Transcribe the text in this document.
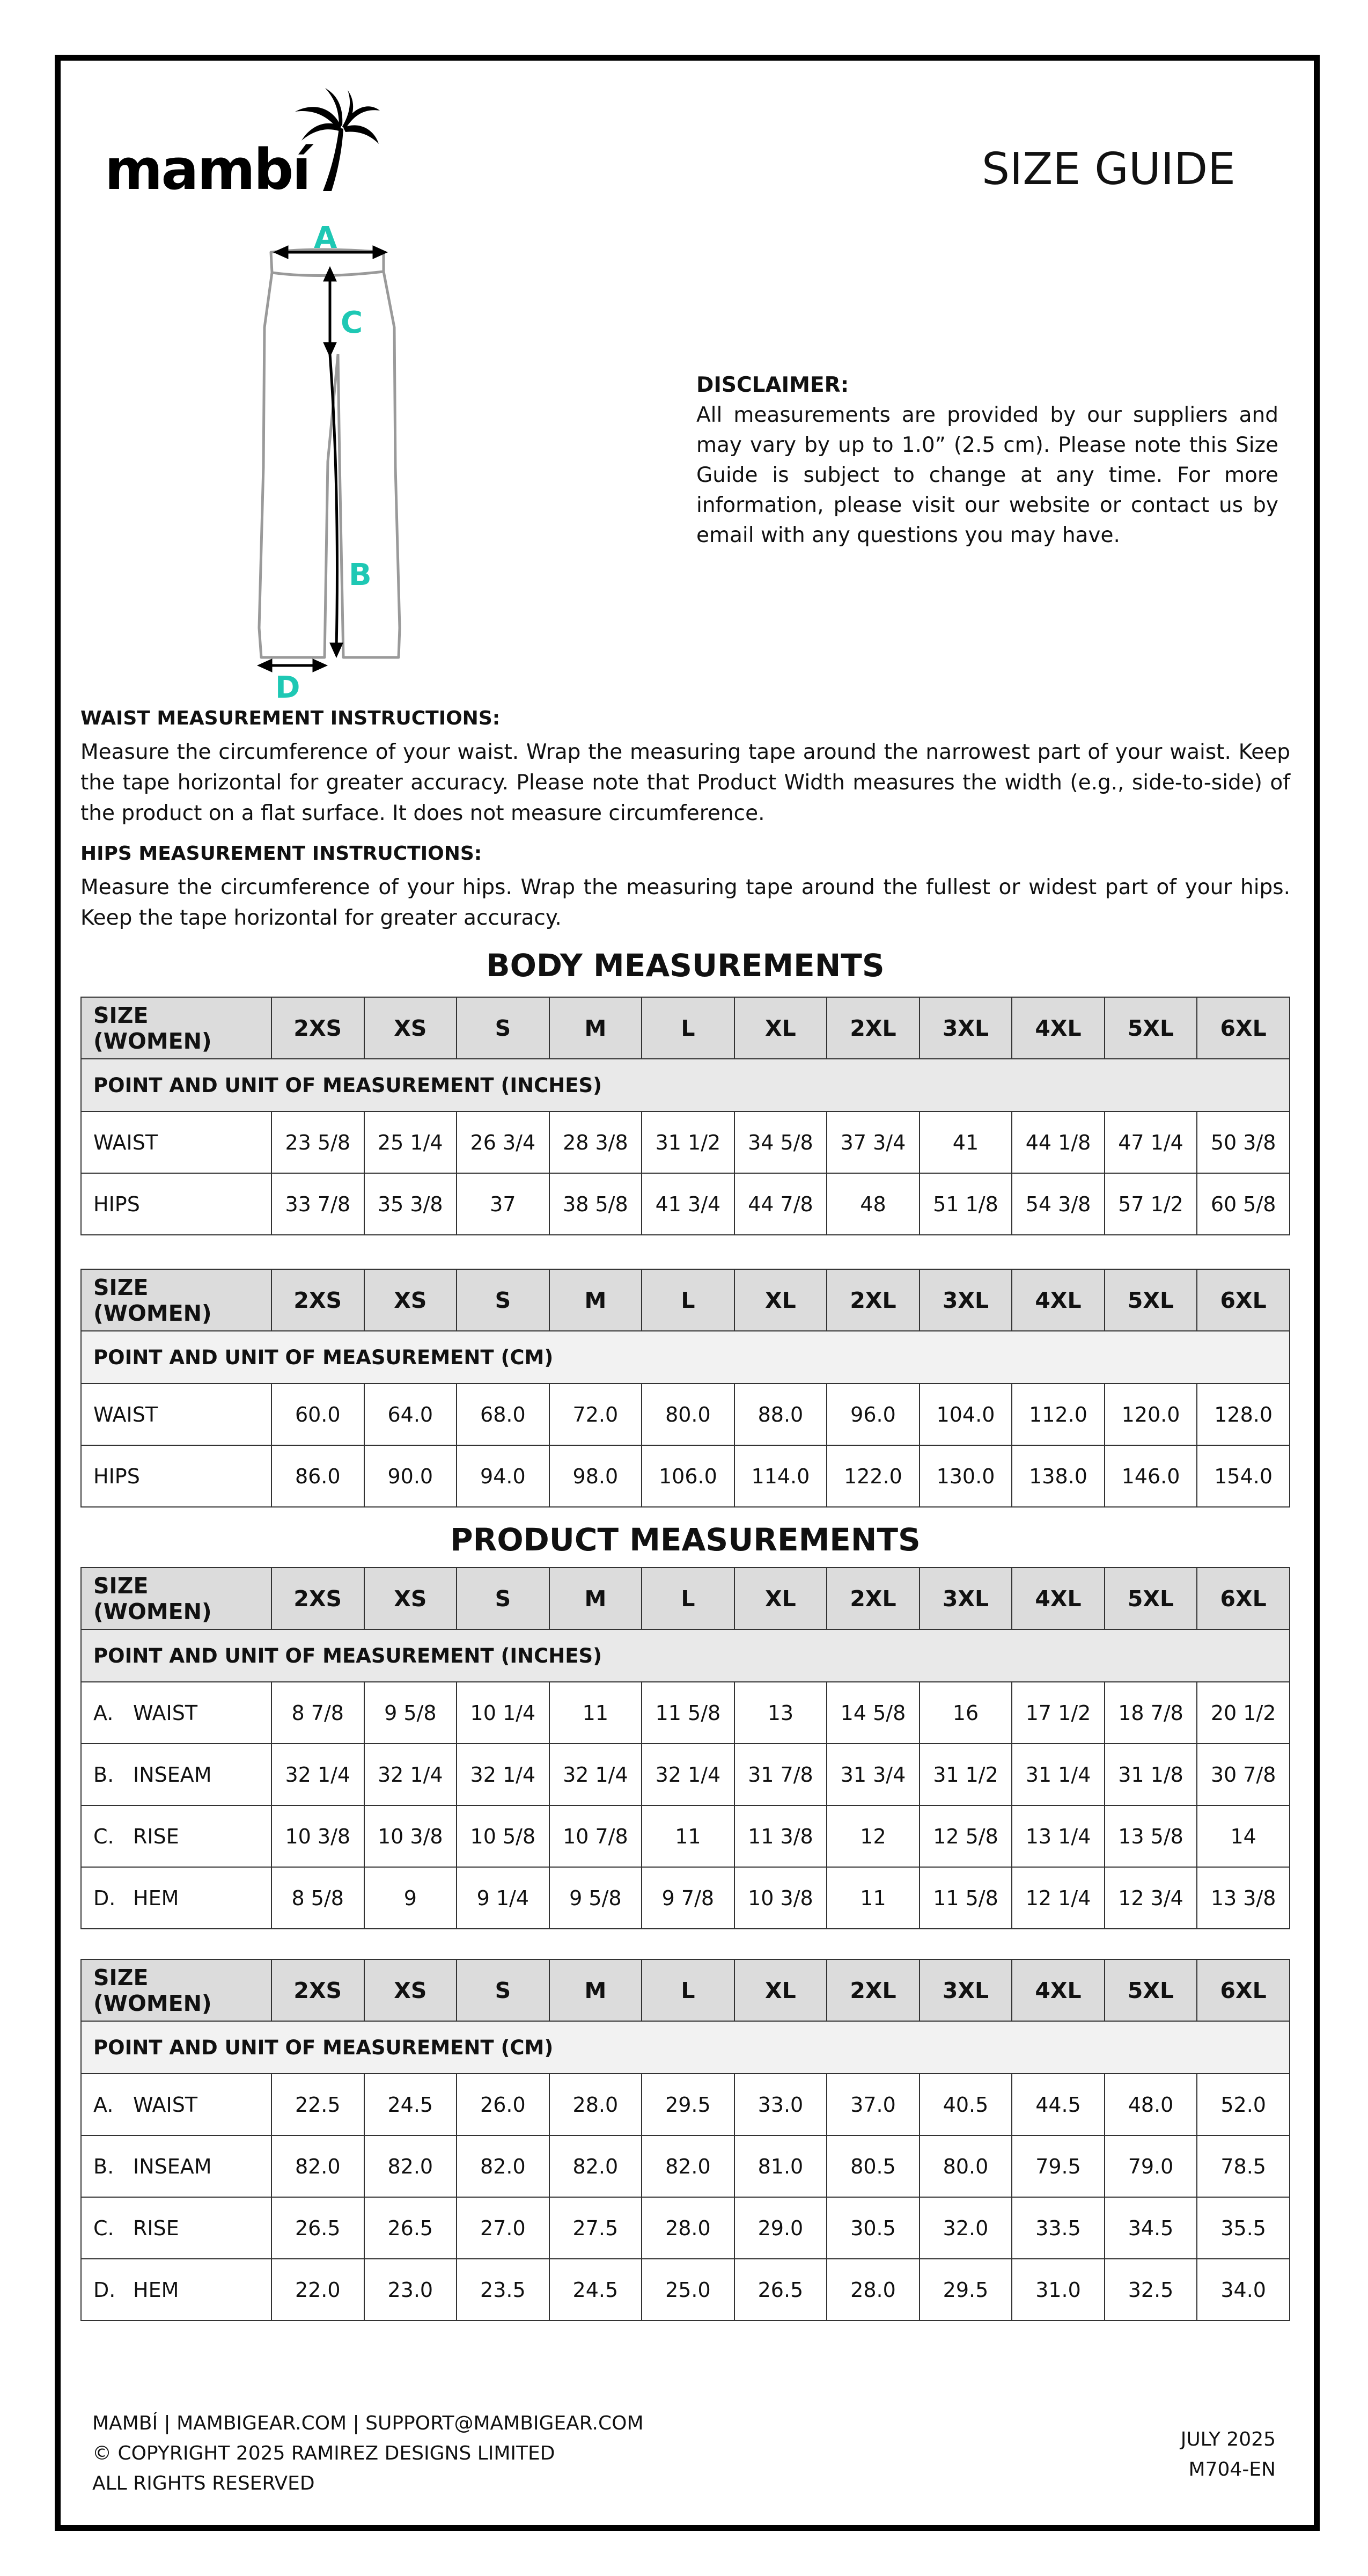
mambí	SIZE GUIDE
A
C
B
D
DISCLAIMER:
All measurements are provided by our suppliers and may vary by up to 1.0” (2.5 cm). Please note this Size Guide is subject to change at any time. For more information, please visit our website or contact us by email with any questions you may have.
WAIST MEASUREMENT INSTRUCTIONS:
Measure the circumference of your waist. Wrap the measuring tape around the narrowest part of your waist. Keep the tape horizontal for greater accuracy. Please note that Product Width measures the width (e.g., side-to-side) of the product on a flat surface. It does not measure circumference.
HIPS MEASUREMENT INSTRUCTIONS:
Measure the circumference of your hips. Wrap the measuring tape around the fullest or widest part of your hips. Keep the tape horizontal for greater accuracy.
BODY MEASUREMENTS
SIZE (WOMEN)	2XS	XS	S	M	L	XL	2XL	3XL	4XL	5XL	6XL
POINT AND UNIT OF MEASUREMENT (INCHES)											
WAIST	23 5/8	25 1/4	26 3/4	28 3/8	31 1/2	34 5/8	37 3/4	41	44 1/8	47 1/4	50 3/8
HIPS	33 7/8	35 3/8	37	38 5/8	41 3/4	44 7/8	48	51 1/8	54 3/8	57 1/2	60 5/8
SIZE (WOMEN)	2XS	XS	S	M	L	XL	2XL	3XL	4XL	5XL	6XL
POINT AND UNIT OF MEASUREMENT (CM)											
WAIST	60.0	64.0	68.0	72.0	80.0	88.0	96.0	104.0	112.0	120.0	128.0
HIPS	86.0	90.0	94.0	98.0	106.0	114.0	122.0	130.0	138.0	146.0	154.0
PRODUCT MEASUREMENTS
SIZE (WOMEN)	2XS	XS	S	M	L	XL	2XL	3XL	4XL	5XL	6XL
POINT AND UNIT OF MEASUREMENT (INCHES)											
A. WAIST	8 7/8	9 5/8	10 1/4	11	11 5/8	13	14 5/8	16	17 1/2	18 7/8	20 1/2
B. INSEAM	32 1/4	32 1/4	32 1/4	32 1/4	32 1/4	31 7/8	31 3/4	31 1/2	31 1/4	31 1/8	30 7/8
C. RISE	10 3/8	10 3/8	10 5/8	10 7/8	11	11 3/8	12	12 5/8	13 1/4	13 5/8	14
D. HEM	8 5/8	9	9 1/4	9 5/8	9 7/8	10 3/8	11	11 5/8	12 1/4	12 3/4	13 3/8
SIZE (WOMEN)	2XS	XS	S	M	L	XL	2XL	3XL	4XL	5XL	6XL
POINT AND UNIT OF MEASUREMENT (CM)											
A. WAIST	22.5	24.5	26.0	28.0	29.5	33.0	37.0	40.5	44.5	48.0	52.0
B. INSEAM	82.0	82.0	82.0	82.0	82.0	81.0	80.5	80.0	79.5	79.0	78.5
C. RISE	26.5	26.5	27.0	27.5	28.0	29.0	30.5	32.0	33.5	34.5	35.5
D. HEM	22.0	23.0	23.5	24.5	25.0	26.5	28.0	29.5	31.0	32.5	34.0
MAMBÍ | MAMBIGEAR.COM | SUPPORT@MAMBIGEAR.COM
© COPYRIGHT 2025 RAMIREZ DESIGNS LIMITED
ALL RIGHTS RESERVED
JULY 2025
M704-EN
